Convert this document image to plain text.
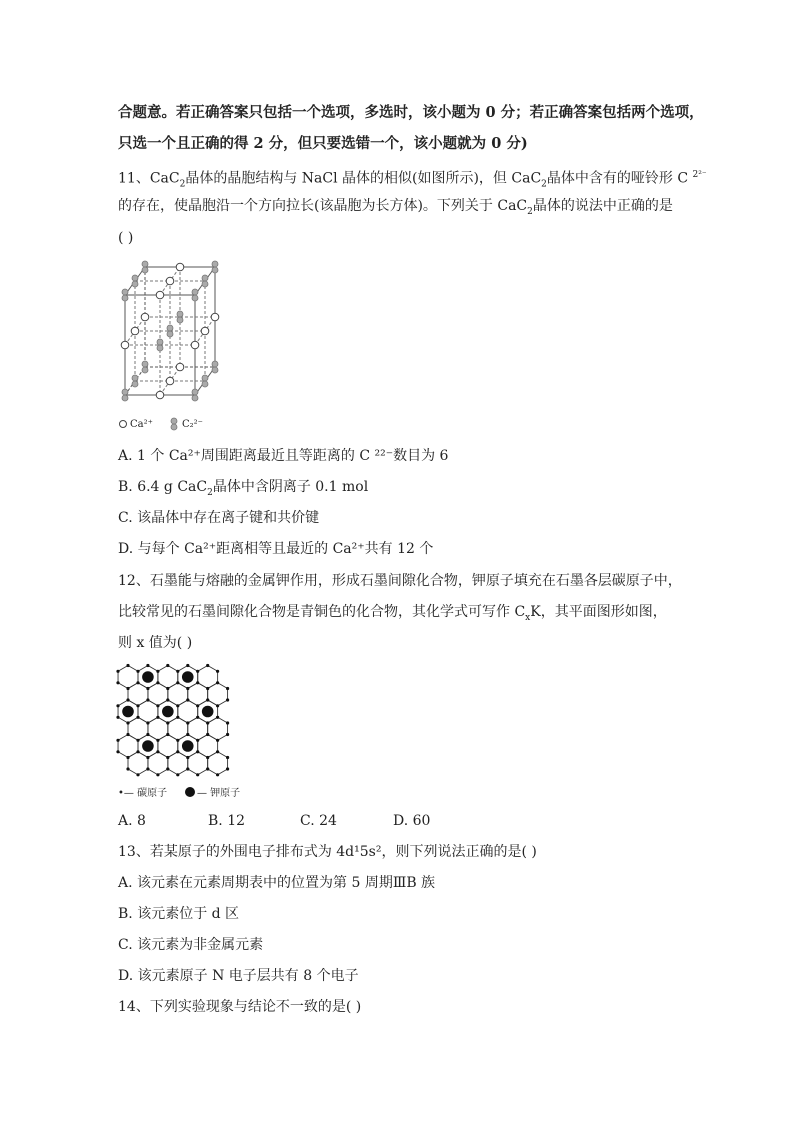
合题意。若正确答案只包括一个选项，多选时，该小题为 0 分；若正确答案包括两个选项，
只选一个且正确的得 2 分，但只要选错一个，该小题就为 0 分)
11、CaC$_2$晶体的晶胞结构与 NaCl 晶体的相似(如图所示)，但 CaC$_2$晶体中含有的哑铃形 C $^{2^{2-}}$
的存在，使晶胞沿一个方向拉长(该晶胞为长方体)。下列关于 CaC$_2$晶体的说法中正确的是
( )
Ca²⁺	C₂²⁻
A. 1 个 Ca²⁺周围距离最近且等距离的 C ²²⁻数目为 6
B. 6.4 g CaC$_2$晶体中含阴离子 0.1 mol
C. 该晶体中存在离子键和共价键
D. 与每个 Ca²⁺距离相等且最近的 Ca²⁺共有 12 个
12、石墨能与熔融的金属钾作用，形成石墨间隙化合物，钾原子填充在石墨各层碳原子中，
比较常见的石墨间隙化合物是青铜色的化合物，其化学式可写作 $C_xK$，其平面图形如图，
则 x 值为( )
•— 碳原子	— 钾原子
A. 8	B. 12	C. 24	D. 60
13、若某原子的外围电子排布式为 4d¹5s²，则下列说法正确的是( )
A. 该元素在元素周期表中的位置为第 5 周期ⅢB 族
B. 该元素位于 d 区
C. 该元素为非金属元素
D. 该元素原子 N 电子层共有 8 个电子
14、下列实验现象与结论不一致的是( )
